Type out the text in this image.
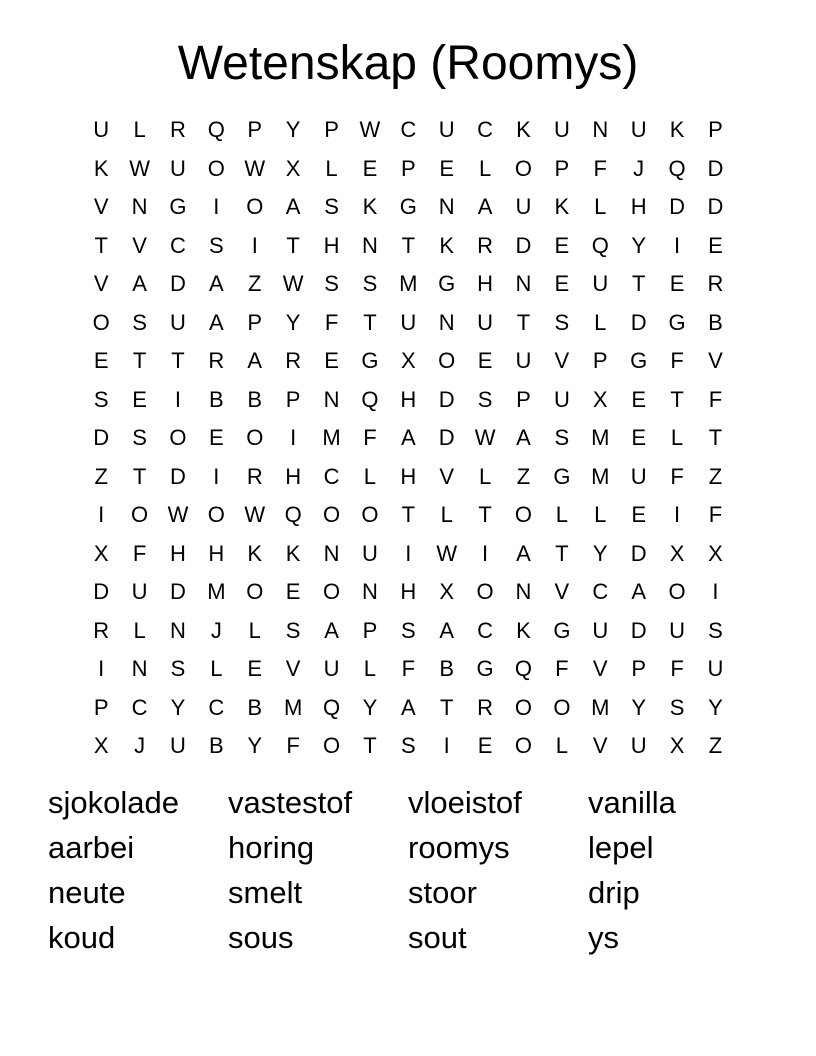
Wetenskap (Roomys)
U	L	R Q	P	Y	P W C	U	C	K	U	N	U	K	P
K W U O W X	L	E	P	E	L	O	P	F	J	Q D
V	N G	I	O	A	S	K	G N	A	U	K	L	H	D	D
T	V	C	S	I	T	H	N	T	K	R	D	E	Q	Y	I	E
V	A	D	A	Z W S	S M G H	N	E	U	T	E	R
O	S	U	A	P	Y	F	T	U	N	U	T	S	L	D G	B
E	T	T	R	A	R	E	G	X	O	E	U	V	P	G	F	V
S	E	I	B	B	P	N Q H	D	S	P	U	X	E	T	F
D	S	O	E	O	I	M	F	A	D W A	S M E	L	T
Z	T	D	I	R	H	C	L	H	V	L	Z	G M U	F	Z
I	O W O W Q O O	T	L	T	O	L	L	E	I	F
X	F	H	H	K	K	N	U	I	W	I	A	T	Y	D	X	X
D	U	D M O	E	O N	H	X	O N	V	C	A	O	I
R	L	N	J	L	S	A	P	S	A	C	K	G U	D	U	S
I	N	S	L	E	V	U	L	F	B	G Q	F	V	P	F	U
P	C	Y	C	B M Q	Y	A	T	R O O M Y	S	Y
X	J	U	B	Y	F	O	T	S	I	E	O	L	V	U	X	Z
sjokolade	vastestof	vloeistof	vanilla
aarbei	horing	roomys	lepel
neute	smelt	stoor	drip
koud	sous	sout	ys
